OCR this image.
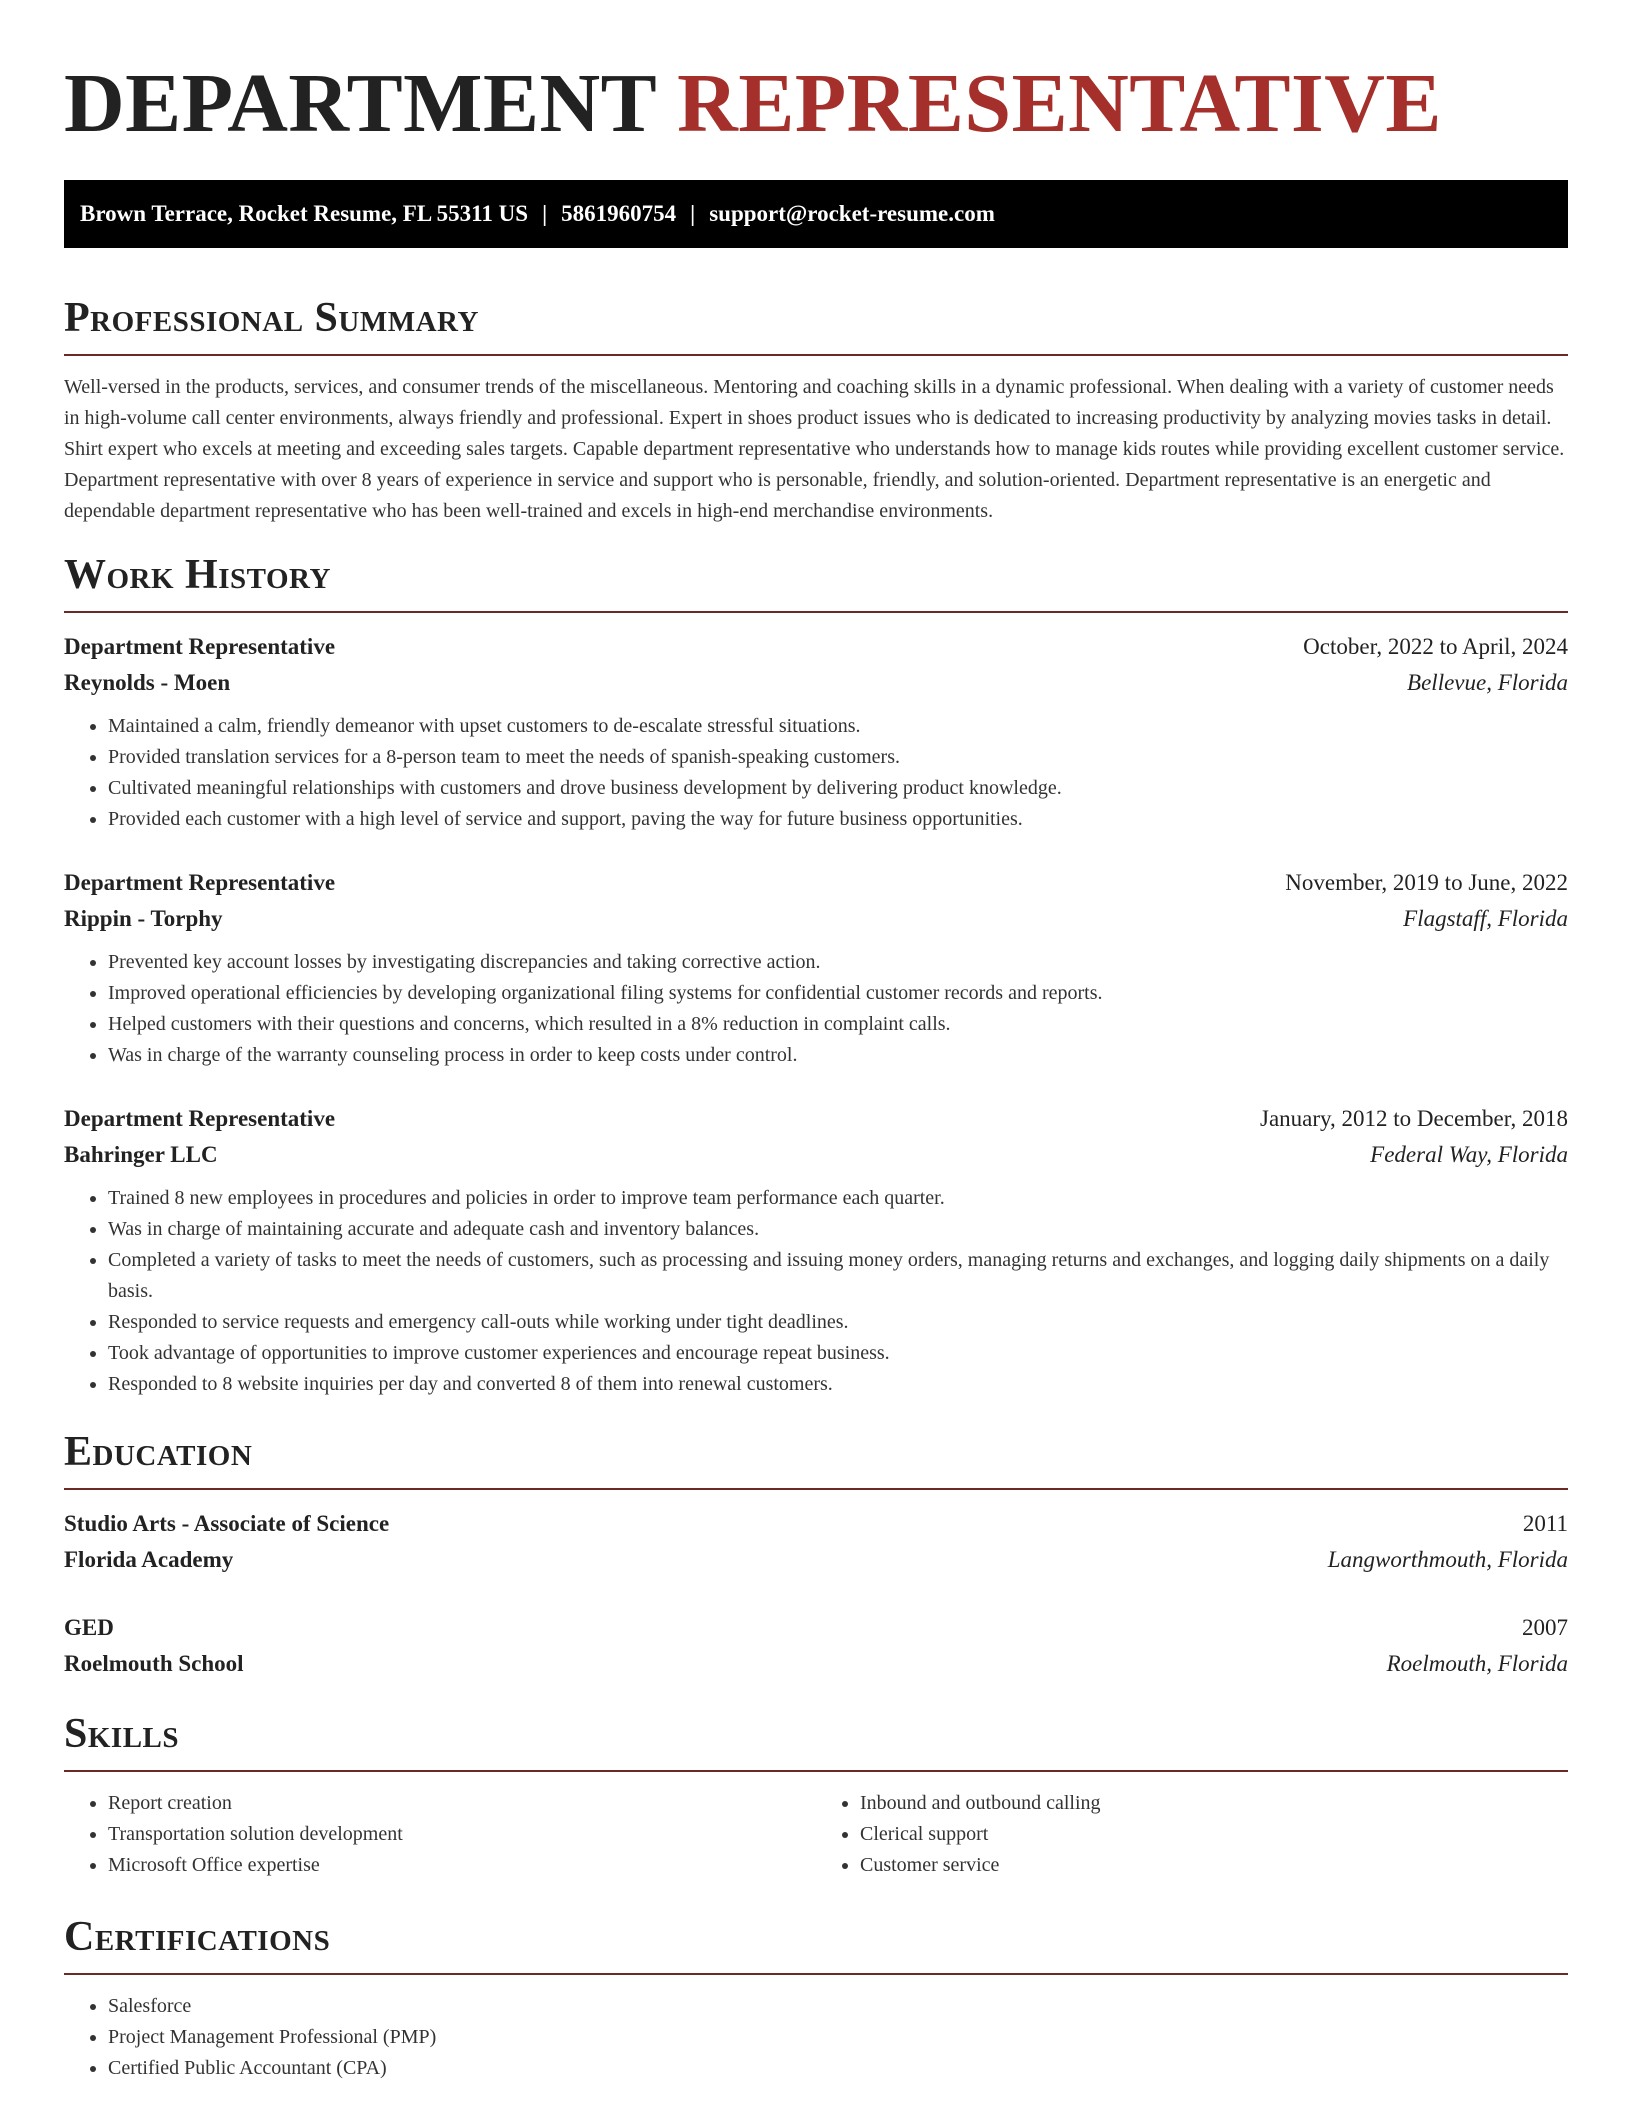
DEPARTMENT REPRESENTATIVE
Brown Terrace, Rocket Resume, FL 55311 US | 5861960754 | support@rocket-resume.com
Professional Summary

Well-versed in the products, services, and consumer trends of the miscellaneous. Mentoring and coaching skills in a dynamic professional. When dealing with a variety of customer needs in high-volume call center environments, always friendly and professional. Expert in shoes product issues who is dedicated to increasing productivity by analyzing movies tasks in detail. Shirt expert who excels at meeting and exceeding sales targets. Capable department representative who understands how to manage kids routes while providing excellent customer service. Department representative with over 8 years of experience in service and support who is personable, friendly, and solution-oriented. Department representative is an energetic and dependable department representative who has been well-trained and excels in high-end merchandise environments.

Work History
Department Representative	October, 2022 to April, 2024
Reynolds - Moen	Bellevue, Florida
• Maintained a calm, friendly demeanor with upset customers to de-escalate stressful situations.
• Provided translation services for a 8-person team to meet the needs of spanish-speaking customers.
• Cultivated meaningful relationships with customers and drove business development by delivering product knowledge.
• Provided each customer with a high level of service and support, paving the way for future business opportunities.
Department Representative	November, 2019 to June, 2022
Rippin - Torphy	Flagstaff, Florida
• Prevented key account losses by investigating discrepancies and taking corrective action.
• Improved operational efficiencies by developing organizational filing systems for confidential customer records and reports.
• Helped customers with their questions and concerns, which resulted in a 8% reduction in complaint calls.
• Was in charge of the warranty counseling process in order to keep costs under control.
Department Representative	January, 2012 to December, 2018
Bahringer LLC	Federal Way, Florida
• Trained 8 new employees in procedures and policies in order to improve team performance each quarter.
• Was in charge of maintaining accurate and adequate cash and inventory balances.
• Completed a variety of tasks to meet the needs of customers, such as processing and issuing money orders, managing returns and exchanges, and logging daily shipments on a daily basis.
• Responded to service requests and emergency call-outs while working under tight deadlines.
• Took advantage of opportunities to improve customer experiences and encourage repeat business.
• Responded to 8 website inquiries per day and converted 8 of them into renewal customers.
Education
Studio Arts - Associate of Science	2011
Florida Academy	Langworthmouth, Florida
GED	2007
Roelmouth School	Roelmouth, Florida
Skills
• Report creation
• Transportation solution development
• Microsoft Office expertise
• Inbound and outbound calling
• Clerical support
• Customer service
Certifications
• Salesforce
• Project Management Professional (PMP)
• Certified Public Accountant (CPA)
